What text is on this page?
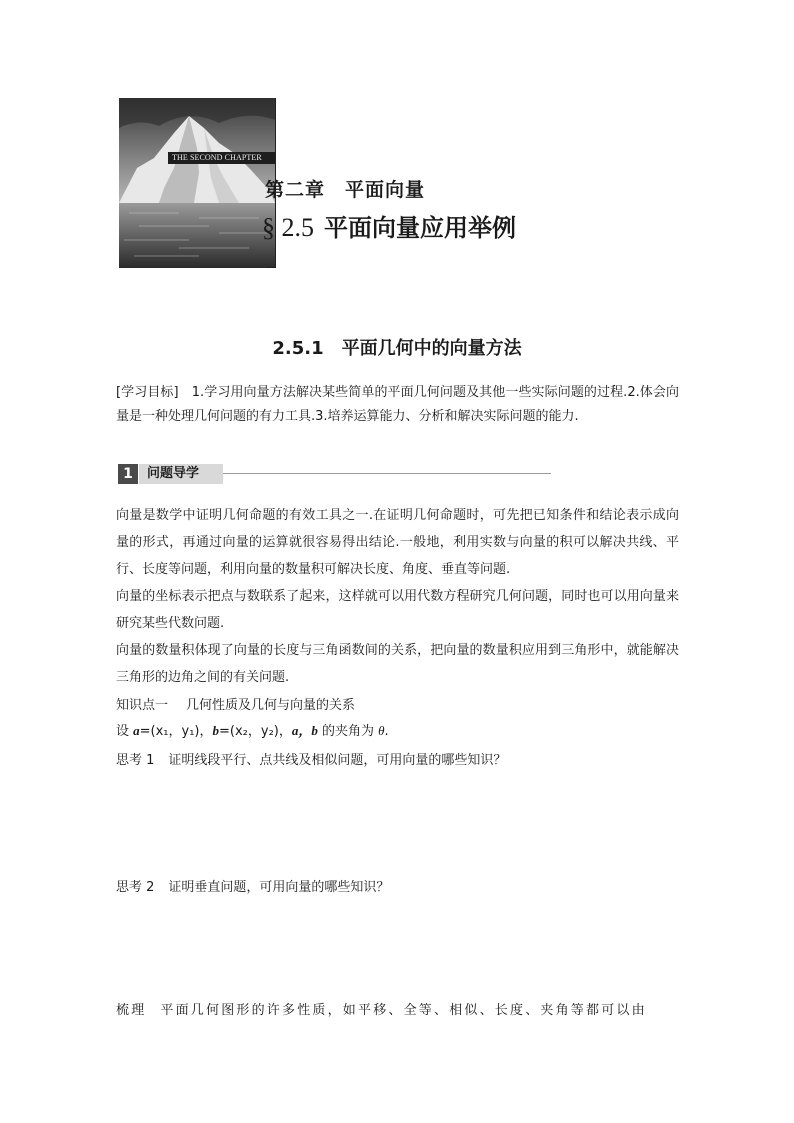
THE SECOND CHAPTER
第二章　平面向量
§ 2.5 平面向量应用举例
2.5.1　平面几何中的向量方法
[学习目标]　1.学习用向量方法解决某些简单的平面几何问题及其他一些实际问题的过程.2.体会向量是一种处理几何问题的有力工具.3.培养运算能力、分析和解决实际问题的能力.
1	问题导学
向量是数学中证明几何命题的有效工具之一.在证明几何命题时，可先把已知条件和结论表示成向量的形式，再通过向量的运算就很容易得出结论.一般地，利用实数与向量的积可以解决共线、平行、长度等问题，利用向量的数量积可解决长度、角度、垂直等问题.
向量的坐标表示把点与数联系了起来，这样就可以用代数方程研究几何问题，同时也可以用向量来研究某些代数问题.
向量的数量积体现了向量的长度与三角函数间的关系，把向量的数量积应用到三角形中，就能解决三角形的边角之间的有关问题.
知识点一 几何性质及几何与向量的关系
设 a=(x₁，y₁)，b=(x₂，y₂)，a，b 的夹角为 θ.
思考 1 证明线段平行、点共线及相似问题，可用向量的哪些知识？
思考 2 证明垂直问题，可用向量的哪些知识？
梳理 平面几何图形的许多性质，如平移、全等、相似、长度、夹角等都可以由
